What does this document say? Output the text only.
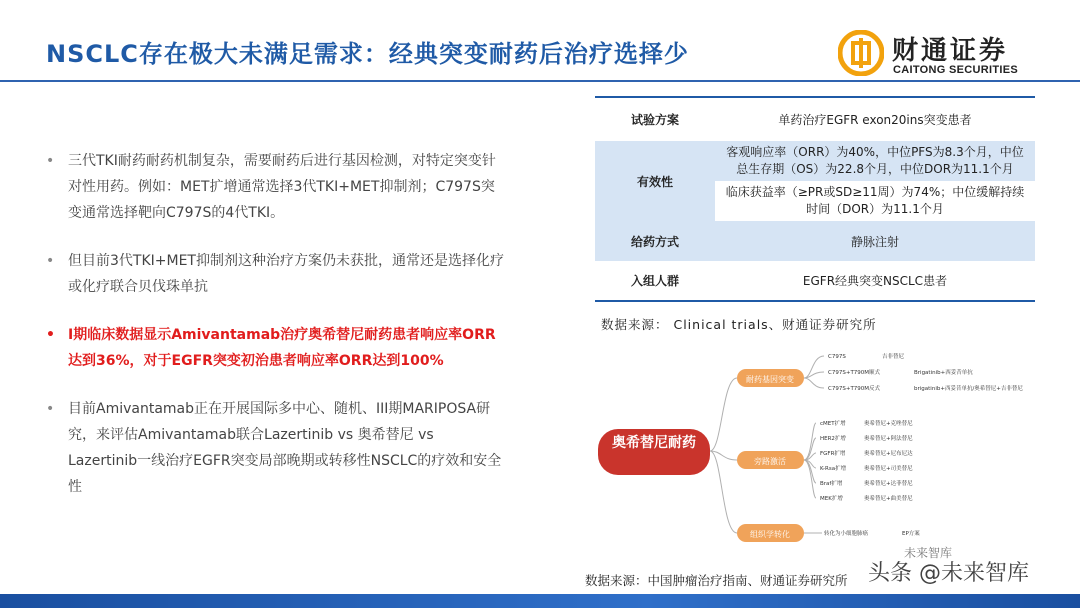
NSCLC存在极大未满足需求：经典突变耐药后治疗选择少	财通证券
CAITONG SECURITIES
• 三代TKI耐药耐药机制复杂，需要耐药后进行基因检测，对特定突变针对性用药。例如：MET扩增通常选择3代TKI+MET抑制剂；C797S突变通常选择靶向C797S的4代TKI。
• 但目前3代TKI+MET抑制剂这种治疗方案仍未获批，通常还是选择化疗或化疗联合贝伐珠单抗
• I期临床数据显示Amivantamab治疗奥希替尼耐药患者响应率ORR达到36%，对于EGFR突变初治患者响应率ORR达到100%
• 目前Amivantamab正在开展国际多中心、随机、III期MARIPOSA研究，来评估Amivantamab联合Lazertinib vs 奥希替尼 vs Lazertinib一线治疗EGFR突变局部晚期或转移性NSCLC的疗效和安全性
试验方案	单药治疗EGFR exon20ins突变患者
有效性	客观响应率（ORR）为40%，中位PFS为8.3个月，中位总生存期（OS）为22.8个月，中位DOR为11.1个月
	临床获益率（≥PR或SD≥11周）为74%；中位缓解持续时间（DOR）为11.1个月
给药方式	静脉注射
入组人群	EGFR经典突变NSCLC患者
数据来源： Clinical trials、财通证券研究所
奥希替尼耐药
耐药基因突变
旁路激活
组织学转化
C797S	吉非替尼
C797S+T790M顺式	Brigatinib+西妥昔单抗
C797S+T790M反式	brigatinib+西妥昔单抗/奥希替尼+吉非替尼
cMET扩增	奥希替尼+克唑替尼
HER2扩增	奥希替尼+阿法替尼
FGFR扩增	奥希替尼+尼布尼达
K-Rsa扩增	奥希替尼+司美替尼
Braf扩增	奥希替尼+达菲替尼
MEK扩增	奥希替尼+曲美替尼
转化为小细胞肺癌	EP方案
数据来源：中国肿瘤治疗指南、财通证券研究所
未来智库
头条 @未来智库
